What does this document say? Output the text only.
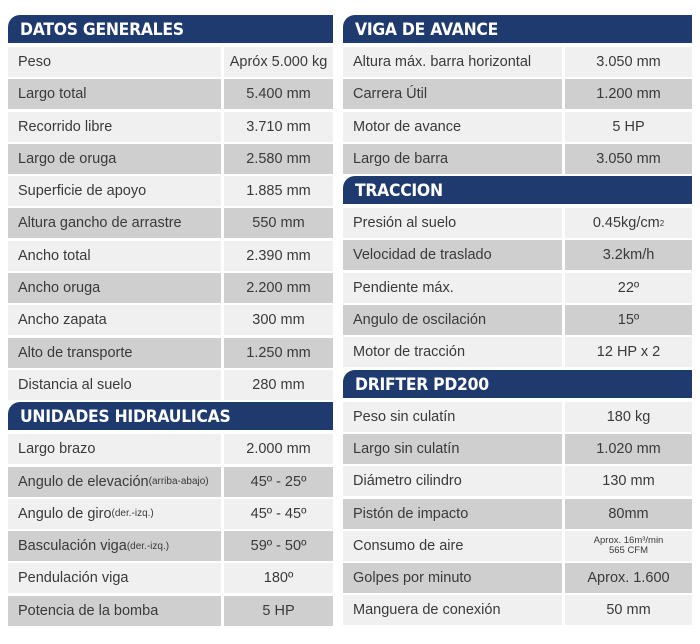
DATOS GENERALES
Peso	Apróx 5.000 kg
Largo total	5.400 mm
Recorrido libre	3.710 mm
Largo de oruga	2.580 mm
Superficie de apoyo	1.885 mm
Altura gancho de arrastre	550 mm
Ancho total	2.390 mm
Ancho oruga	2.200 mm
Ancho zapata	300 mm
Alto de transporte	1.250 mm
Distancia al suelo	280 mm
UNIDADES HIDRAULICAS
Largo brazo	2.000 mm
Angulo de elevación (arriba-abajo)	45º - 25º
Angulo de giro (der.-izq.)	45º - 45º
Basculación viga (der.-izq.)	59º - 50º
Pendulación viga	180º
Potencia de la bomba	5 HP
VIGA DE AVANCE
Altura máx. barra horizontal	3.050 mm
Carrera Útil	1.200 mm
Motor de avance	5 HP
Largo de barra	3.050 mm
TRACCION
Presión al suelo	0.45kg/cm 2
Velocidad de traslado	3.2km/h
Pendiente máx.	22º
Angulo de oscilación	15º
Motor de tracción	12 HP x 2
DRIFTER PD200
Peso sin culatín	180 kg
Largo sin culatín	1.020 mm
Diámetro cilindro	130 mm
Pistón de impacto	80mm
Consumo de aire	Aprox. 16m³/min
565 CFM
Golpes por minuto	Aprox. 1.600
Manguera de conexión	50 mm
